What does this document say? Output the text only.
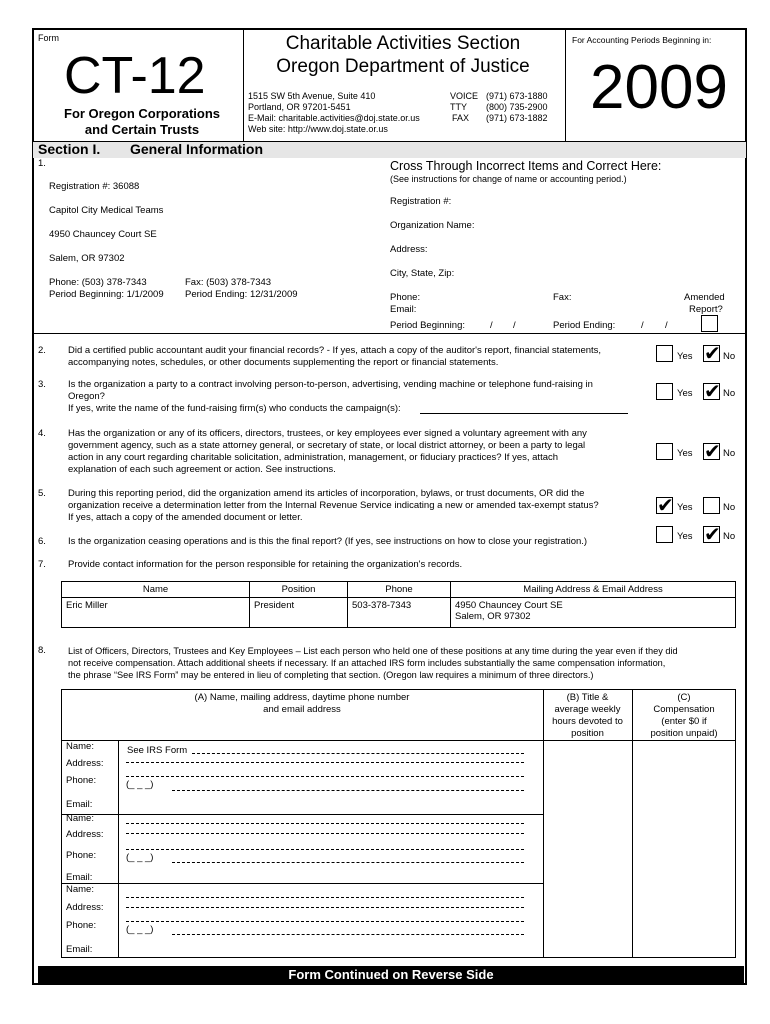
Form
CT-12
For Oregon Corporations
and Certain Trusts
Charitable Activities Section
Oregon Department of Justice
1515 SW 5th Avenue, Suite 410
Portland, OR 97201-5451
E-Mail: charitable.activities@doj.state.or.us
Web site: http://www.doj.state.or.us
VOICE (971) 673-1880
TTY (800) 735-2900
FAX (971) 673-1882
For Accounting Periods Beginning in:
2009
Section I. General Information
1.
Registration #: 36088
Capitol City Medical Teams
4950 Chauncey Court SE
Salem, OR 97302
Phone: (503) 378-7343	Fax: (503) 378-7343
Period Beginning: 1/1/2009 Period Ending: 12/31/2009
Cross Through Incorrect Items and Correct Here:
(See instructions for change of name or accounting period.)
Registration #:
Organization Name:
Address:
City, State, Zip:
Phone:	Fax:
Email:
Amended
Report?
Period Beginning:	/ /	Period Ending:	/ /
2. Did a certified public accountant audit your financial records? - If yes, attach a copy of the auditor's report, financial statements,
accompanying notes, schedules, or other documents supplementing the report or financial statements.
Yes ✔	No
3. Is the organization a party to a contract involving person-to-person, advertising, vending machine or telephone fund-raising in
Oregon?
If yes, write the name of the fund-raising firm(s) who conducts the campaign(s):
Yes ✔	No
4. Has the organization or any of its officers, directors, trustees, or key employees ever signed a voluntary agreement with any
government agency, such as a state attorney general, or secretary of state, or local district attorney, or been a party to legal
action in any court regarding charitable solicitation, administration, management, or fiduciary practices? If yes, attach
explanation of each such agreement or action. See instructions.
Yes ✔	No
5. During this reporting period, did the organization amend its articles of incorporation, bylaws, or trust documents, OR did the
organization receive a determination letter from the Internal Revenue Service indicating a new or amended tax-exempt status?
If yes, attach a copy of the amended document or letter.
✔
Yes	No
6. Is the organization ceasing operations and is this the final report? (If yes, see instructions on how to close your registration.)	Yes ✔	No
7. Provide contact information for the person responsible for retaining the organization's records.
Name	Position	Phone	Mailing Address & Email Address
Eric Miller	President	503-378-7343	4950 Chauncey Court SE
Salem, OR 97302
8. List of Officers, Directors, Trustees and Key Employees – List each person who held one of these positions at any time during the year even if they did
not receive compensation. Attach additional sheets if necessary. If an attached IRS form includes substantially the same compensation information,
the phrase “See IRS Form” may be entered in lieu of completing that section. (Oregon law requires a minimum of three directors.)
(A) Name, mailing address, daytime phone number
and email address
(B) Title &
average weekly
hours devoted to
position
(C)
Compensation
(enter $0 if
position unpaid)
Name:	See IRS Form
Address:
Phone:	(_ _ _)
Email:
Name:
Address:
Phone:	(_ _ _)
Email:
Name:
Address:
Phone:	(_ _ _)
Email:
Form Continued on Reverse Side
